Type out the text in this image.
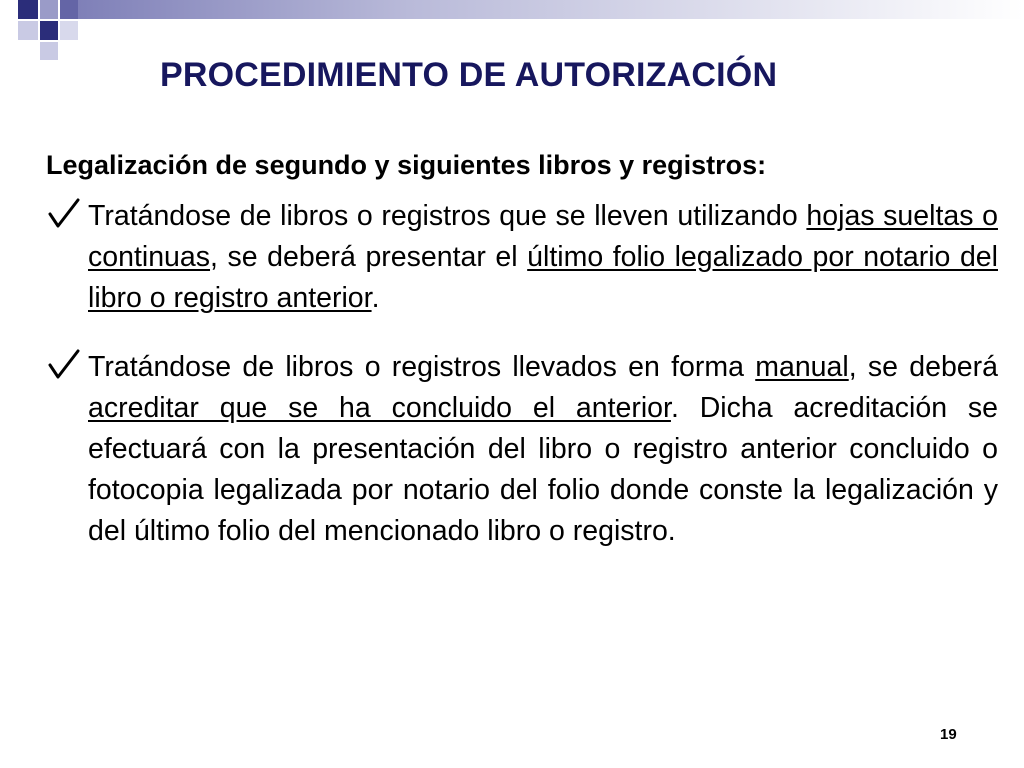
PROCEDIMIENTO DE AUTORIZACIÓN
Legalización de segundo y siguientes libros y registros:
Tratándose de libros o registros que se lleven utilizando hojas sueltas o continuas, se deberá presentar el último folio legalizado por notario del libro o registro anterior.
Tratándose de libros o registros llevados en forma manual, se deberá acreditar que se ha concluido el anterior. Dicha acreditación se efectuará con la presentación del libro o registro anterior concluido o fotocopia legalizada por notario del folio donde conste la legalización y del último folio del mencionado libro o registro.
19
